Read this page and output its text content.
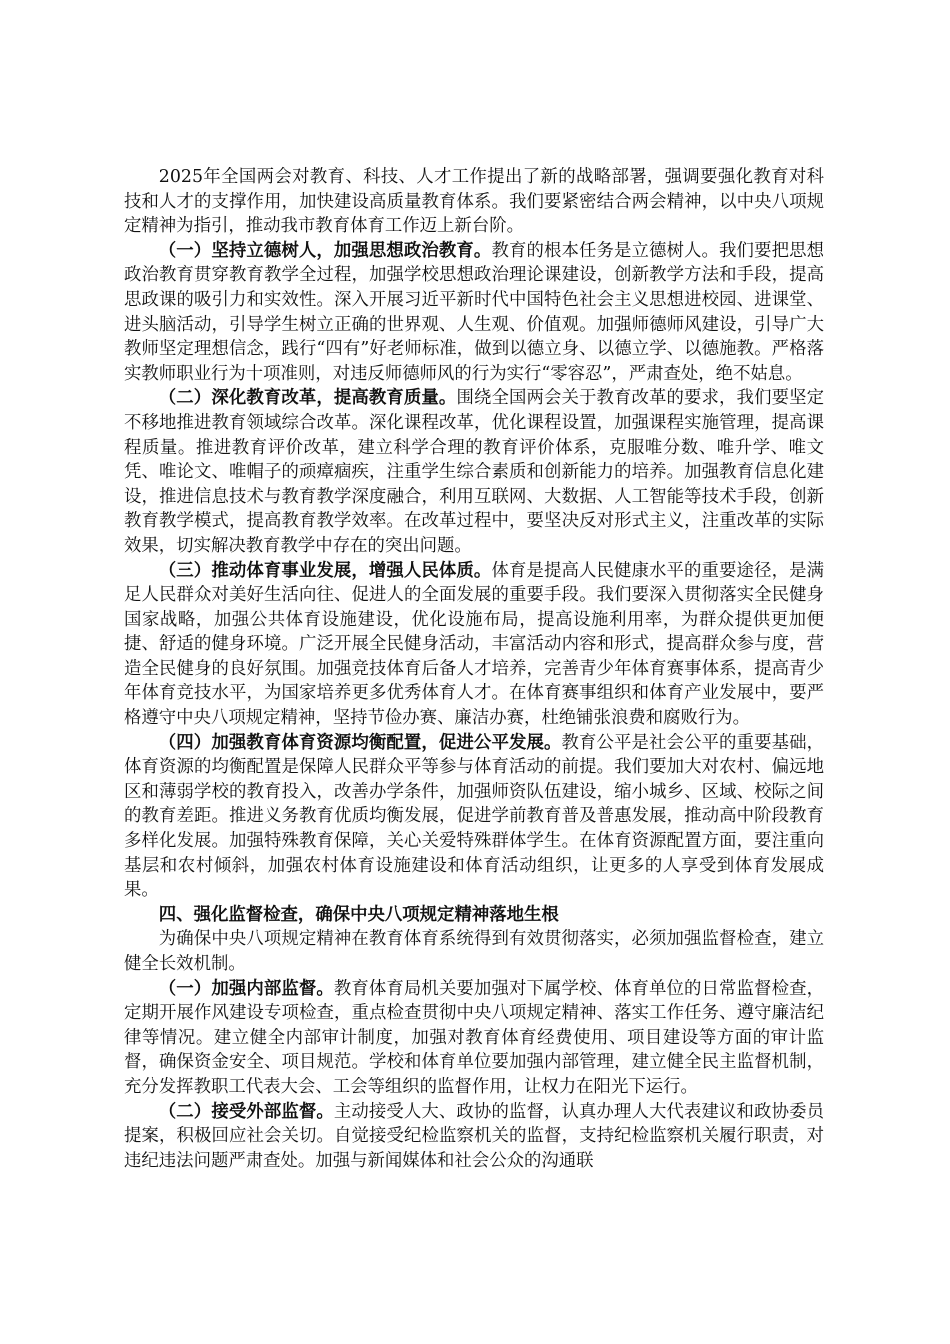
2025年全国两会对教育、科技、人才工作提出了新的战略部署，强调要强化教育对科技和人才的支撑作用，加快建设高质量教育体系。我们要紧密结合两会精神，以中央八项规定精神为指引，推动我市教育体育工作迈上新台阶。

（一）坚持立德树人，加强思想政治教育。教育的根本任务是立德树人。我们要把思想政治教育贯穿教育教学全过程，加强学校思想政治理论课建设，创新教学方法和手段，提高思政课的吸引力和实效性。深入开展习近平新时代中国特色社会主义思想进校园、进课堂、进头脑活动，引导学生树立正确的世界观、人生观、价值观。加强师德师风建设，引导广大教师坚定理想信念，践行“四有”好老师标准，做到以德立身、以德立学、以德施教。严格落实教师职业行为十项准则，对违反师德师风的行为实行“零容忍”，严肃查处，绝不姑息。

（二）深化教育改革，提高教育质量。围绕全国两会关于教育改革的要求，我们要坚定不移地推进教育领域综合改革。深化课程改革，优化课程设置，加强课程实施管理，提高课程质量。推进教育评价改革，建立科学合理的教育评价体系，克服唯分数、唯升学、唯文凭、唯论文、唯帽子的顽瘴痼疾，注重学生综合素质和创新能力的培养。加强教育信息化建设，推进信息技术与教育教学深度融合，利用互联网、大数据、人工智能等技术手段，创新教育教学模式，提高教育教学效率。在改革过程中，要坚决反对形式主义，注重改革的实际效果，切实解决教育教学中存在的突出问题。

（三）推动体育事业发展，增强人民体质。体育是提高人民健康水平的重要途径，是满足人民群众对美好生活向往、促进人的全面发展的重要手段。我们要深入贯彻落实全民健身国家战略，加强公共体育设施建设，优化设施布局，提高设施利用率，为群众提供更加便捷、舒适的健身环境。广泛开展全民健身活动，丰富活动内容和形式，提高群众参与度，营造全民健身的良好氛围。加强竞技体育后备人才培养，完善青少年体育赛事体系，提高青少年体育竞技水平，为国家培养更多优秀体育人才。在体育赛事组织和体育产业发展中，要严格遵守中央八项规定精神，坚持节俭办赛、廉洁办赛，杜绝铺张浪费和腐败行为。

（四）加强教育体育资源均衡配置，促进公平发展。教育公平是社会公平的重要基础，体育资源的均衡配置是保障人民群众平等参与体育活动的前提。我们要加大对农村、偏远地区和薄弱学校的教育投入，改善办学条件，加强师资队伍建设，缩小城乡、区域、校际之间的教育差距。推进义务教育优质均衡发展，促进学前教育普及普惠发展，推动高中阶段教育多样化发展。加强特殊教育保障，关心关爱特殊群体学生。在体育资源配置方面，要注重向基层和农村倾斜，加强农村体育设施建设和体育活动组织，让更多的人享受到体育发展成果。

四、强化监督检查，确保中央八项规定精神落地生根

为确保中央八项规定精神在教育体育系统得到有效贯彻落实，必须加强监督检查，建立健全长效机制。

（一）加强内部监督。教育体育局机关要加强对下属学校、体育单位的日常监督检查，定期开展作风建设专项检查，重点检查贯彻中央八项规定精神、落实工作任务、遵守廉洁纪律等情况。建立健全内部审计制度，加强对教育体育经费使用、项目建设等方面的审计监督，确保资金安全、项目规范。学校和体育单位要加强内部管理，建立健全民主监督机制，充分发挥教职工代表大会、工会等组织的监督作用，让权力在阳光下运行。

（二）接受外部监督。主动接受人大、政协的监督，认真办理人大代表建议和政协委员提案，积极回应社会关切。自觉接受纪检监察机关的监督，支持纪检监察机关履行职责，对违纪违法问题严肃查处。加强与新闻媒体和社会公众的沟通联
